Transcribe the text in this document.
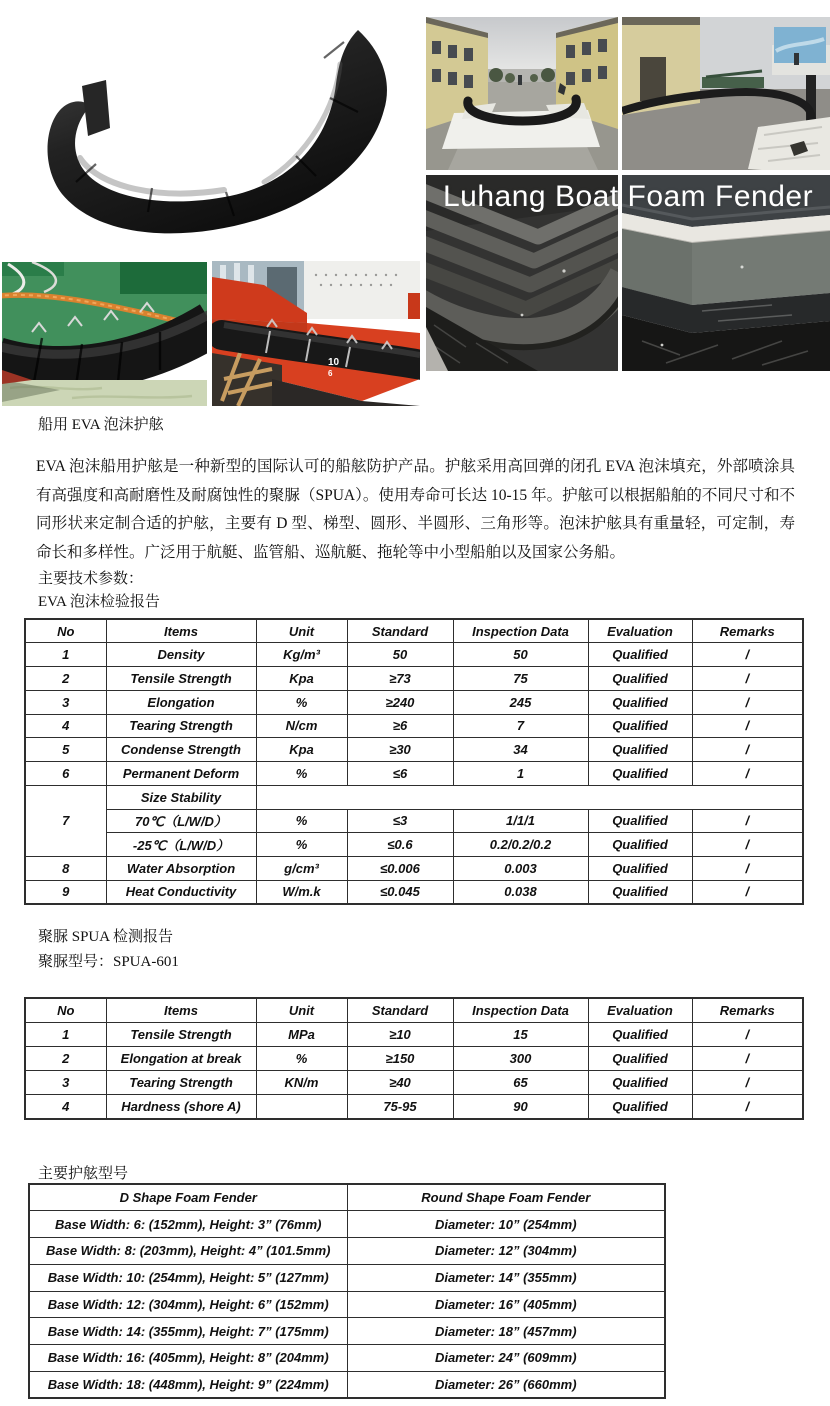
Luhang Boat Foam Fender
10
6
船用 EVA 泡沫护舷
EVA 泡沫船用护舷是一种新型的国际认可的船舷防护产品。护舷采用高回弹的闭孔 EVA 泡沫填充，外部喷涂具有高强度和高耐磨性及耐腐蚀性的聚脲（SPUA）。使用寿命可长达 10-15 年。护舷可以根据船舶的不同尺寸和不同形状来定制合适的护舷，主要有 D 型、梯型、圆形、半圆形、三角形等。泡沫护舷具有重量轻，可定制，寿命长和多样性。广泛用于航艇、监管船、巡航艇、拖轮等中小型船舶以及国家公务船。
主要技术参数：
EVA 泡沫检验报告
No	Items	Unit	Standard	Inspection Data	Evaluation	Remarks
1	Density	Kg/m³	50	50	Qualified	/
2	Tensile Strength	Kpa	≥73	75	Qualified	/
3	Elongation	%	≥240	245	Qualified	/
4	Tearing Strength	N/cm	≥6	7	Qualified	/
5	Condense Strength	Kpa	≥30	34	Qualified	/
6	Permanent Deform	%	≤6	1	Qualified	/
7	Size Stability					
	70℃（L/W/D）	%	≤3	1/1/1	Qualified	/
	-25℃（L/W/D）	%	≤0.6	0.2/0.2/0.2	Qualified	/
8	Water Absorption	g/cm³	≤0.006	0.003	Qualified	/
9	Heat Conductivity	W/m.k	≤0.045	0.038	Qualified	/
聚脲 SPUA 检测报告
聚脲型号：SPUA-601
No	Items	Unit	Standard	Inspection Data	Evaluation	Remarks
1	Tensile Strength	MPa	≥10	15	Qualified	/
2	Elongation at break	%	≥150	300	Qualified	/
3	Tearing Strength	KN/m	≥40	65	Qualified	/
4	Hardness (shore A)		75-95	90	Qualified	/
主要护舷型号
D Shape Foam Fender	Round Shape Foam Fender
Base Width: 6: (152mm), Height: 3” (76mm)	Diameter: 10” (254mm)
Base Width: 8: (203mm), Height: 4” (101.5mm)	Diameter: 12” (304mm)
Base Width: 10: (254mm), Height: 5” (127mm)	Diameter: 14” (355mm)
Base Width: 12: (304mm), Height: 6” (152mm)	Diameter: 16” (405mm)
Base Width: 14: (355mm), Height: 7” (175mm)	Diameter: 18” (457mm)
Base Width: 16: (405mm), Height: 8” (204mm)	Diameter: 24” (609mm)
Base Width: 18: (448mm), Height: 9” (224mm)	Diameter: 26” (660mm)
